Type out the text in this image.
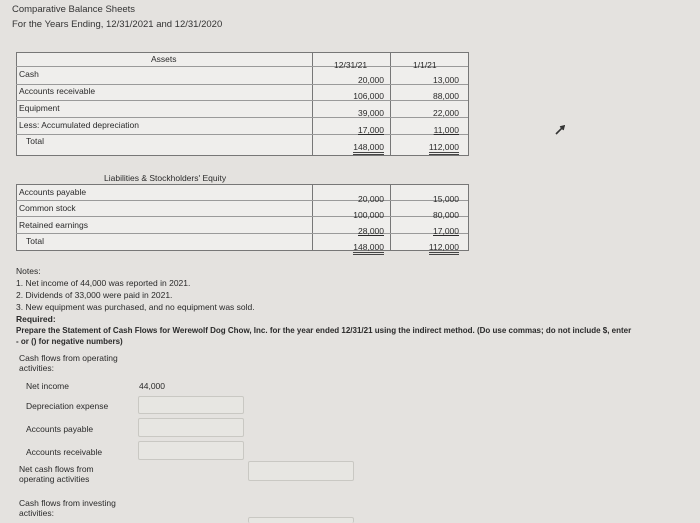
Comparative Balance Sheets
For the Years Ending, 12/31/2021 and 12/31/2020
Assets
12/31/21	1/1/21
Cash
Accounts receivable
Equipment
Less: Accumulated depreciation
Total
20,000
106,000
39,000
17,000
148,000
13,000
88,000
22,000
11,000
112,000
Liabilities & Stockholders' Equity
Accounts payable
Common stock
Retained earnings
Total
20,000
100,000
28,000
148,000
15,000
80,000
17,000
112,000
Notes:
1. Net income of 44,000 was reported in 2021.
2. Dividends of 33,000 were paid in 2021.
3. New equipment was purchased, and no equipment was sold.
Required:
Prepare the Statement of Cash Flows for Werewolf Dog Chow, Inc. for the year ended 12/31/21 using the indirect method. (Do use commas; do not include $, enter
- or () for negative numbers)
Cash flows from operating
activities:
Net income	44,000
Depreciation expense
Accounts payable
Accounts receivable
Net cash flows from
operating activities
Cash flows from investing
activities:
